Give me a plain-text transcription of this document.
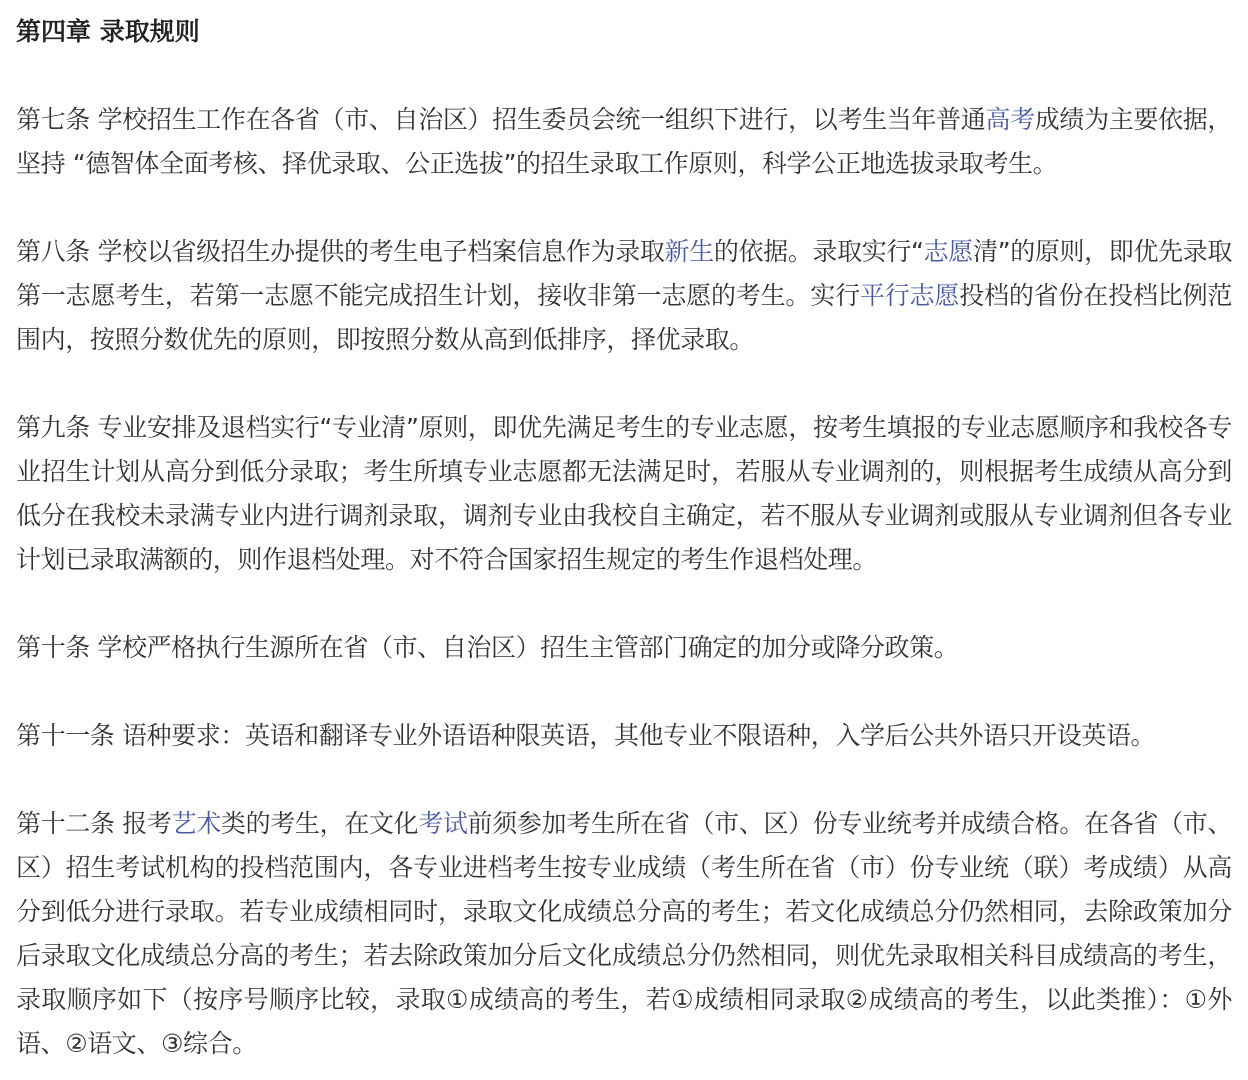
第四章 录取规则

第七条 学校招生工作在各省（市、自治区）招生委员会统一组织下进行，以考生当年普通高考成绩为主要依据，坚持 “德智体全面考核、择优录取、公正选拔”的招生录取工作原则，科学公正地选拔录取考生。

第八条 学校以省级招生办提供的考生电子档案信息作为录取新生的依据。录取实行“志愿清”的原则，即优先录取第一志愿考生，若第一志愿不能完成招生计划，接收非第一志愿的考生。实行平行志愿投档的省份在投档比例范围内，按照分数优先的原则，即按照分数从高到低排序，择优录取。

第九条 专业安排及退档实行“专业清”原则，即优先满足考生的专业志愿，按考生填报的专业志愿顺序和我校各专业招生计划从高分到低分录取；考生所填专业志愿都无法满足时，若服从专业调剂的，则根据考生成绩从高分到低分在我校未录满专业内进行调剂录取，调剂专业由我校自主确定，若不服从专业调剂或服从专业调剂但各专业计划已录取满额的，则作退档处理。对不符合国家招生规定的考生作退档处理。

第十条 学校严格执行生源所在省（市、自治区）招生主管部门确定的加分或降分政策。

第十一条 语种要求：英语和翻译专业外语语种限英语，其他专业不限语种，入学后公共外语只开设英语。

第十二条 报考艺术类的考生，在文化考试前须参加考生所在省（市、区）份专业统考并成绩合格。在各省（市、区）招生考试机构的投档范围内，各专业进档考生按专业成绩（考生所在省（市）份专业统（联）考成绩）从高分到低分进行录取。若专业成绩相同时，录取文化成绩总分高的考生；若文化成绩总分仍然相同，去除政策加分后录取文化成绩总分高的考生；若去除政策加分后文化成绩总分仍然相同，则优先录取相关科目成绩高的考生，录取顺序如下（按序号顺序比较，录取①成绩高的考生，若①成绩相同录取②成绩高的考生，以此类推）：①外语、②语文、③综合。
